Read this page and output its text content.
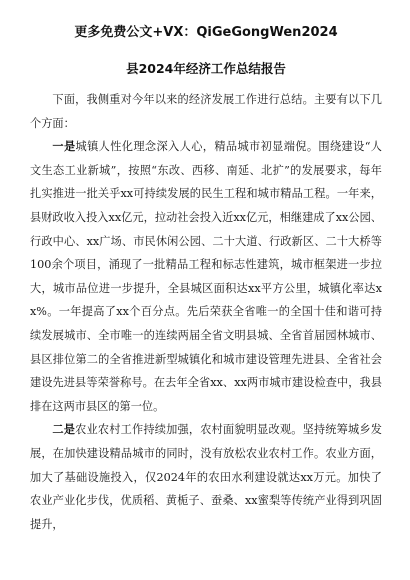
更多免费公文+VX：QiGeGongWen2024
县2024年经济工作总结报告

下面，我侧重对今年以来的经济发展工作进行总结。主要有以下几个方面：

一是城镇人性化理念深入人心，精品城市初显端倪。围绕建设“人文生态工业新城”，按照“东改、西移、南延、北扩”的发展要求，每年扎实推进一批关乎xx可持续发展的民生工程和城市精品工程。一年来，县财政收入投入xx亿元，拉动社会投入近xx亿元，相继建成了xx公园、行政中心、xx广场、市民休闲公园、二十大道、行政新区、二十大桥等100余个项目，涌现了一批精品工程和标志性建筑，城市框架进一步拉大，城市品位进一步提升，全县城区面积达xx平方公里，城镇化率达xx%。一年提高了xx个百分点。先后荣获全省唯一的全国十佳和谐可持续发展城市、全市唯一的连续两届全省文明县城、全省首届园林城市、县区排位第二的全省推进新型城镇化和城市建设管理先进县、全省社会建设先进县等荣誉称号。在去年全省xx、xx两市城市建设检查中，我县排在这两市县区的第一位。

二是农业农村工作持续加强，农村面貌明显改观。坚持统筹城乡发展，在加快建设精品城市的同时，没有放松农业农村工作。农业方面，加大了基础设施投入，仅2024年的农田水利建设就达xx万元。加快了农业产业化步伐，优质稻、黄栀子、蚕桑、xx蜜梨等传统产业得到巩固提升，
